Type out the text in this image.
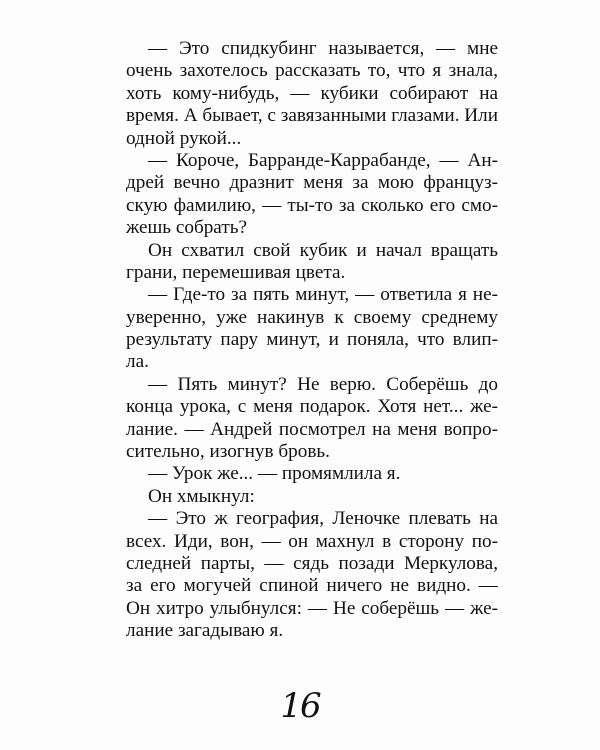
— Это спидкубинг называется, — мне
очень захотелось рассказать то, что я знала,
хоть кому-нибудь, — кубики собирают на
время. А бывает, с завязанными глазами. Или
одной рукой...
— Короче, Барранде-Каррабанде, — Ан-
дрей вечно дразнит меня за мою француз-
скую фамилию, — ты-то за сколько его смо-
жешь собрать?
Он схватил свой кубик и начал вращать
грани, перемешивая цвета.
— Где-то за пять минут, — ответила я не-
уверенно, уже накинув к своему среднему
результату пару минут, и поняла, что влип-
ла.
— Пять минут? Не верю. Соберёшь до
конца урока, с меня подарок. Хотя нет... же-
лание. — Андрей посмотрел на меня вопро-
сительно, изогнув бровь.
— Урок же... — промямлила я.
Он хмыкнул:
— Это ж география, Леночке плевать на
всех. Иди, вон, — он махнул в сторону по-
следней парты, — сядь позади Меркулова,
за его могучей спиной ничего не видно. —
Он хитро улыбнулся: — Не соберёшь — же-
лание загадываю я.
16
